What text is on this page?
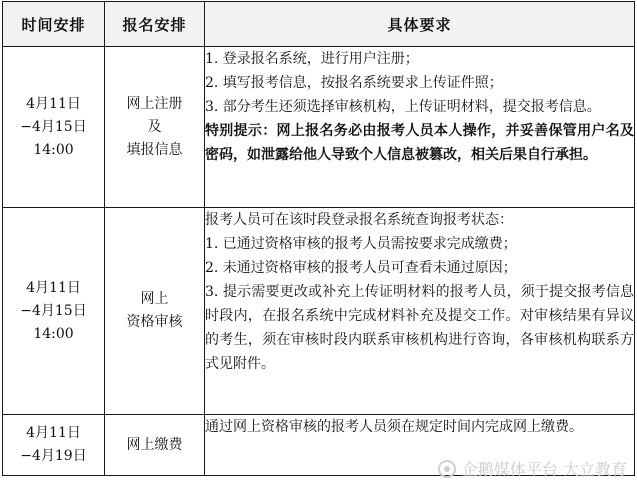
时间安排	报名安排	具体要求

4月11日
−4月15日
14:00	网上注册
及
填报信息	1. 登录报名系统，进行用户注册；
2. 填写报考信息，按报名系统要求上传证件照；
3. 部分考生还须选择审核机构，上传证明材料，提交报考信息。
特别提示：网上报名务必由报考人员本人操作，并妥善保管用户名及密码，如泄露给他人导致个人信息被篡改，相关后果自行承担。

4月11日
−4月15日
14:00	网上
资格审核	报考人员可在该时段登录报名系统查询报考状态：
1. 已通过资格审核的报考人员需按要求完成缴费；
2. 未通过资格审核的报考人员可查看未通过原因；
3. 提示需要更改或补充上传证明材料的报考人员，须于提交报考信息时段内，在报名系统中完成材料补充及提交工作。对审核结果有异议的考生，须在审核时段内联系审核机构进行咨询，各审核机构联系方式见附件。

4月11日
−4月19日	网上缴费	通过网上资格审核的报考人员须在规定时间内完成网上缴费。
企鹅媒体平台 大立教育
